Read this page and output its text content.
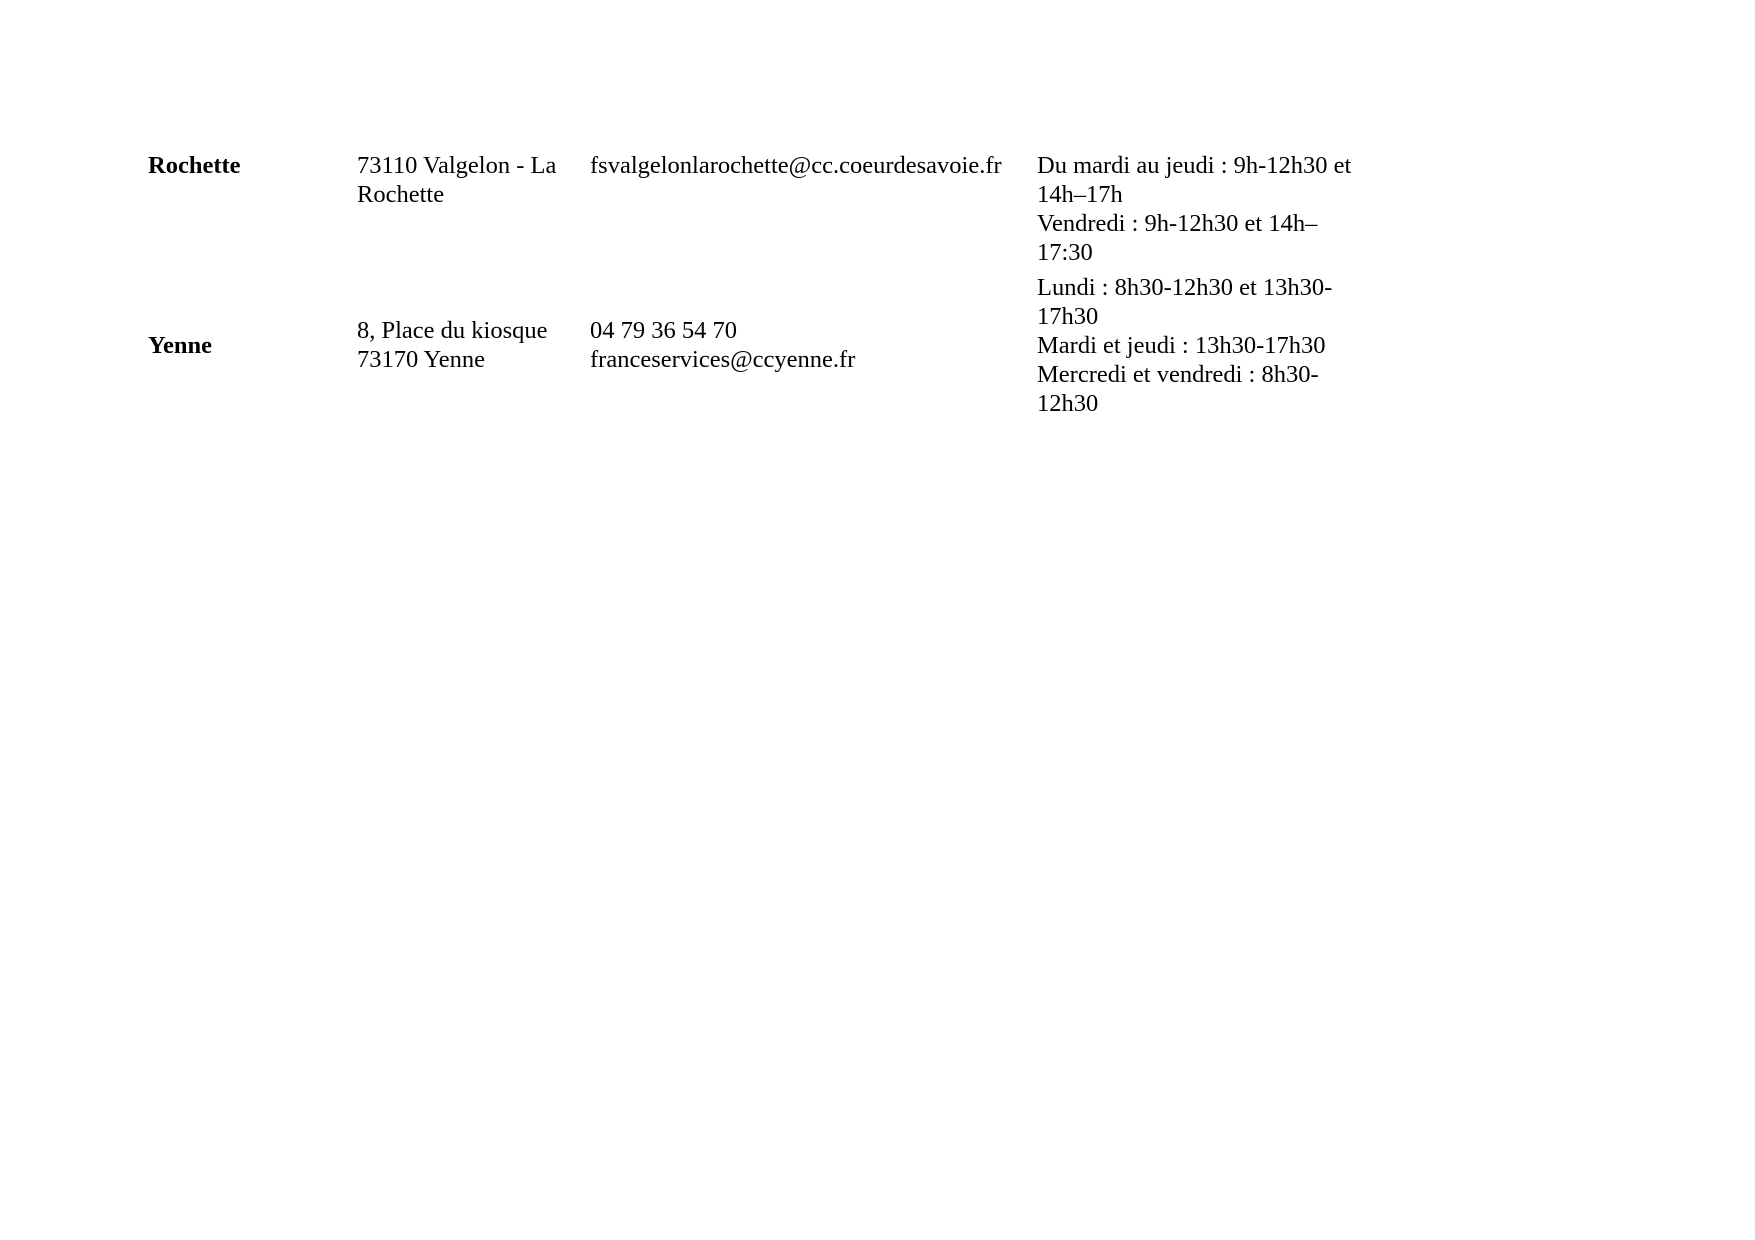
Rochette	73110 Valgelon - La
Rochette
fsvalgelonlarochette@cc.coeurdesavoie.fr Du mardi au jeudi : 9h-12h30 et
14h–17h
Vendredi : 9h-12h30 et 14h–
17:30
Yenne
8, Place du kiosque
73170 Yenne
04 79 36 54 70
franceservices@ccyenne.fr
Lundi : 8h30-12h30 et 13h30-
17h30
Mardi et jeudi : 13h30-17h30
Mercredi et vendredi : 8h30-
12h30
